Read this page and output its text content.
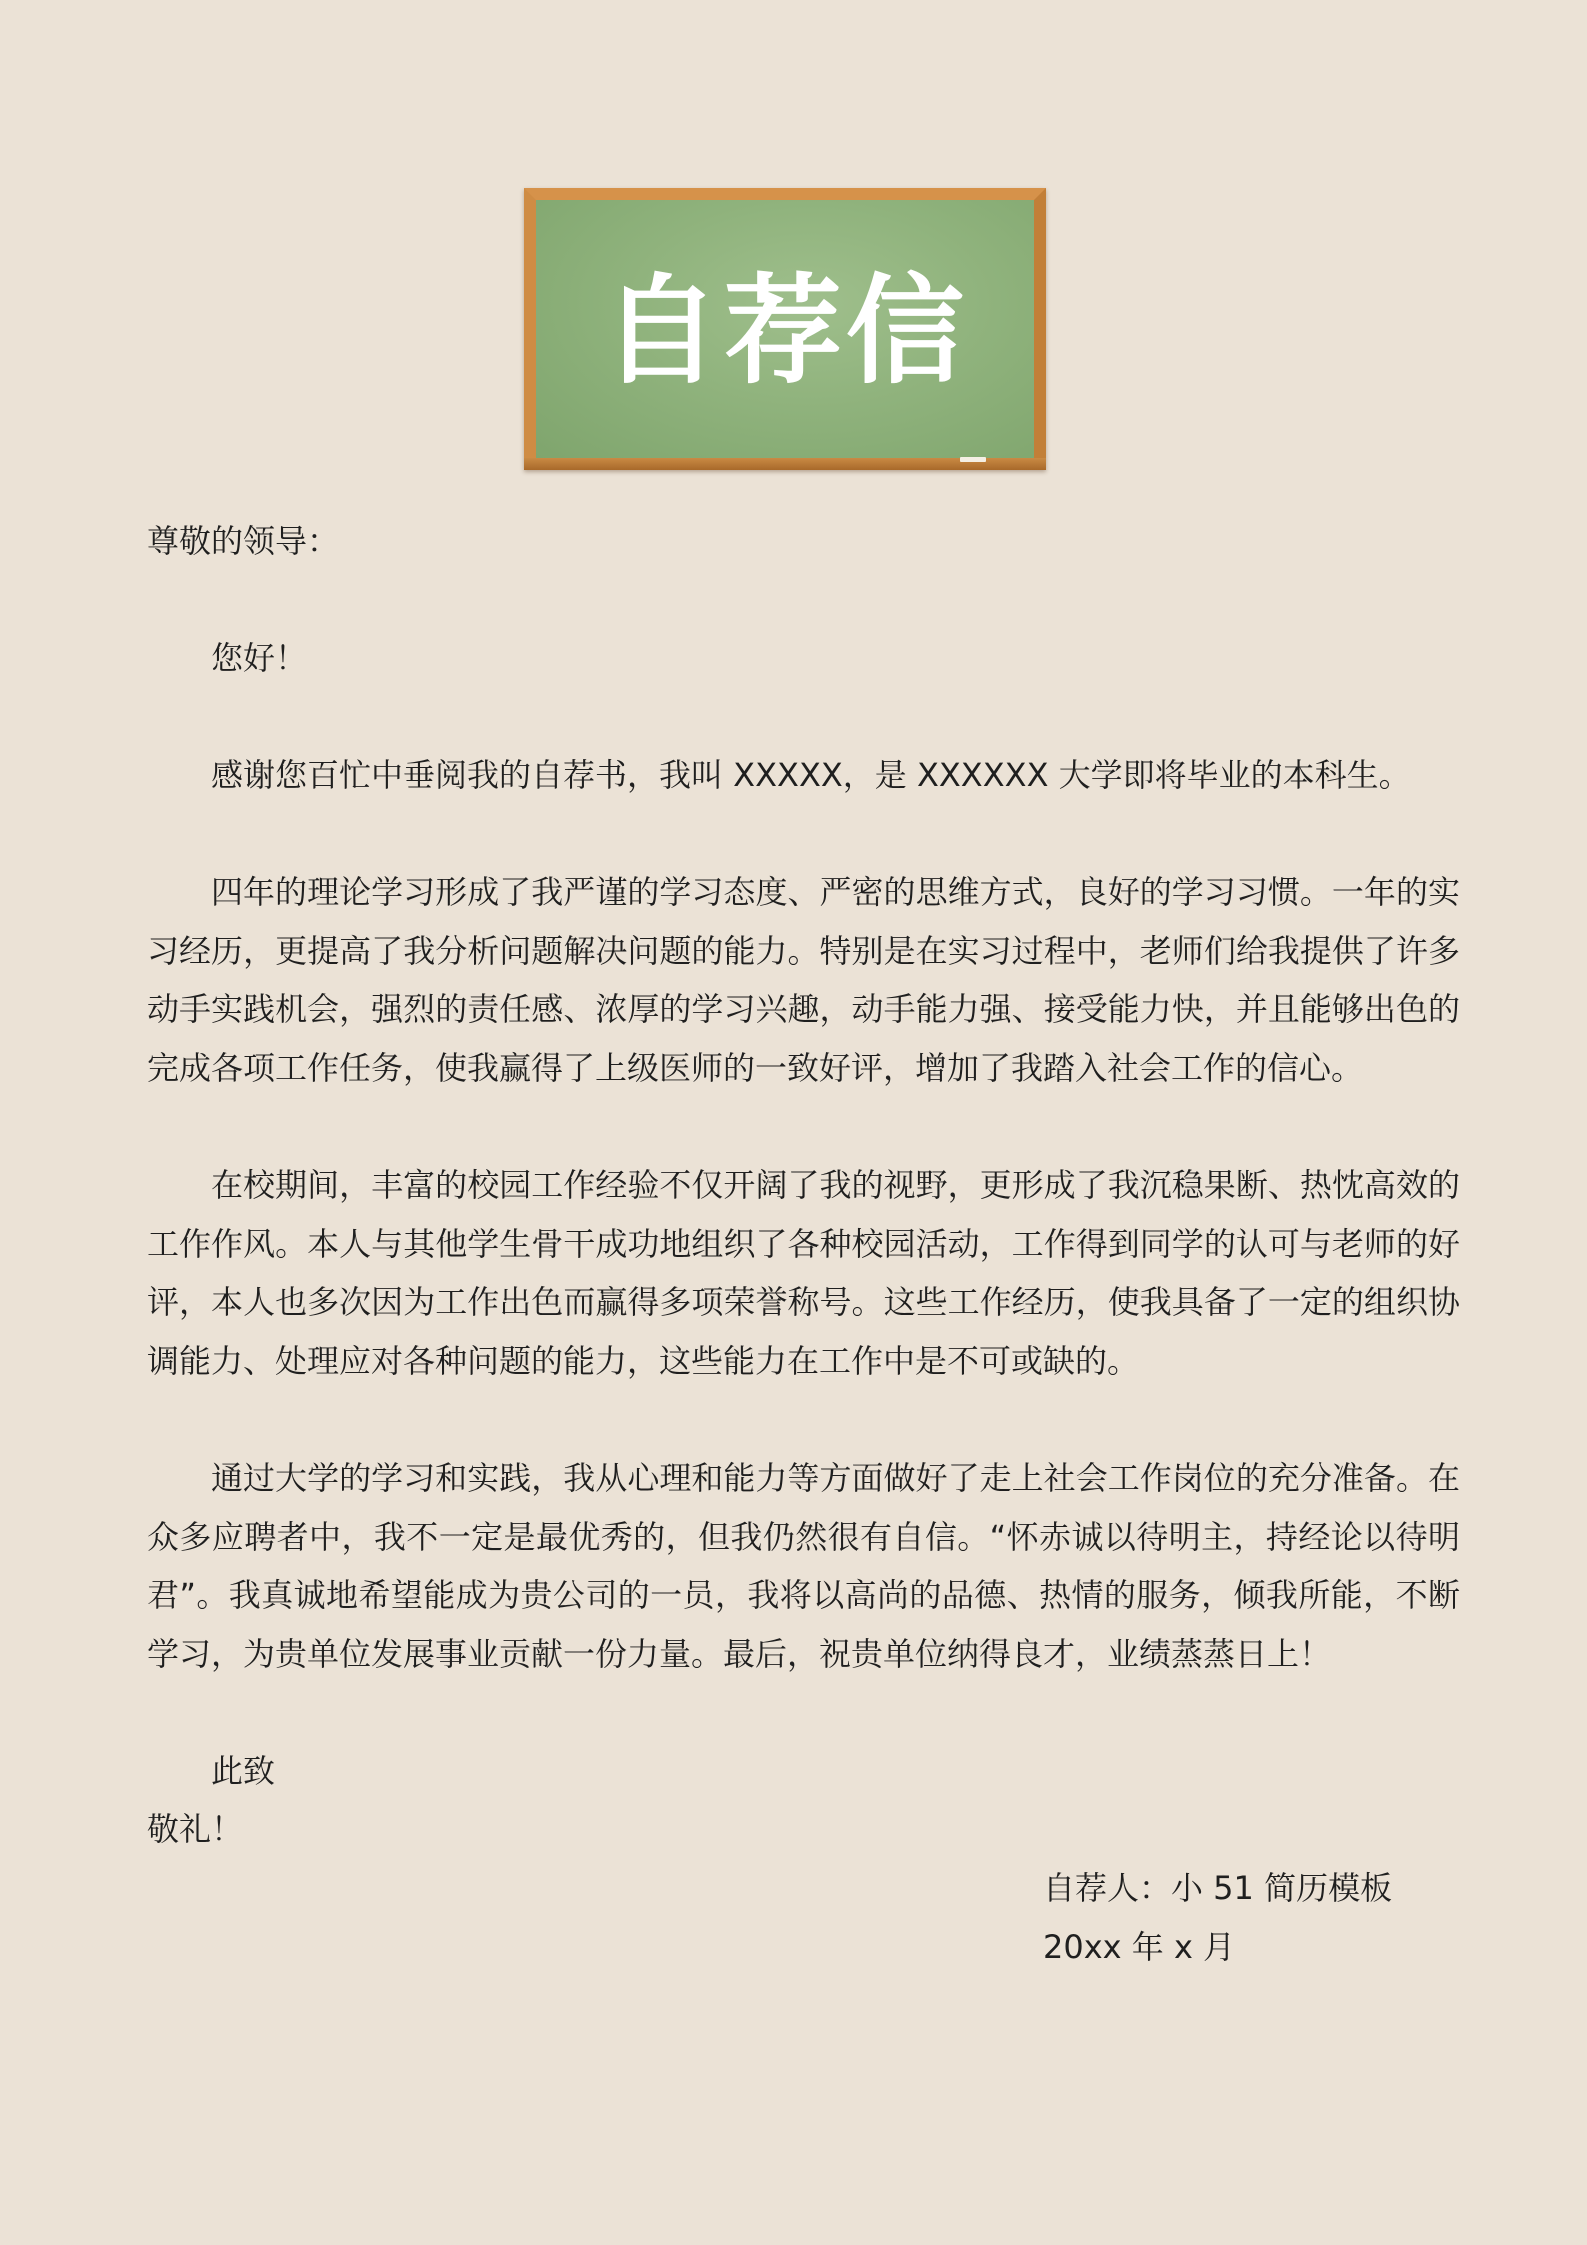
自荐信

尊敬的领导：

您好！

感谢您百忙中垂阅我的自荐书，我叫 XXXXX，是 XXXXXX 大学即将毕业的本科生。

四年的理论学习形成了我严谨的学习态度、严密的思维方式，良好的学习习惯。一年的实习经历，更提高了我分析问题解决问题的能力。特别是在实习过程中，老师们给我提供了许多动手实践机会，强烈的责任感、浓厚的学习兴趣，动手能力强、接受能力快，并且能够出色的完成各项工作任务，使我赢得了上级医师的一致好评，增加了我踏入社会工作的信心。

在校期间，丰富的校园工作经验不仅开阔了我的视野，更形成了我沉稳果断、热忱高效的工作作风。本人与其他学生骨干成功地组织了各种校园活动，工作得到同学的认可与老师的好评，本人也多次因为工作出色而赢得多项荣誉称号。这些工作经历，使我具备了一定的组织协调能力、处理应对各种问题的能力，这些能力在工作中是不可或缺的。

通过大学的学习和实践，我从心理和能力等方面做好了走上社会工作岗位的充分准备。在众多应聘者中，我不一定是最优秀的，但我仍然很有自信。“怀赤诚以待明主，持经论以待明君”。我真诚地希望能成为贵公司的一员，我将以高尚的品德、热情的服务，倾我所能，不断学习，为贵单位发展事业贡献一份力量。最后，祝贵单位纳得良才，业绩蒸蒸日上！

此致

敬礼！

自荐人：小 51 简历模板
20xx 年 x 月
